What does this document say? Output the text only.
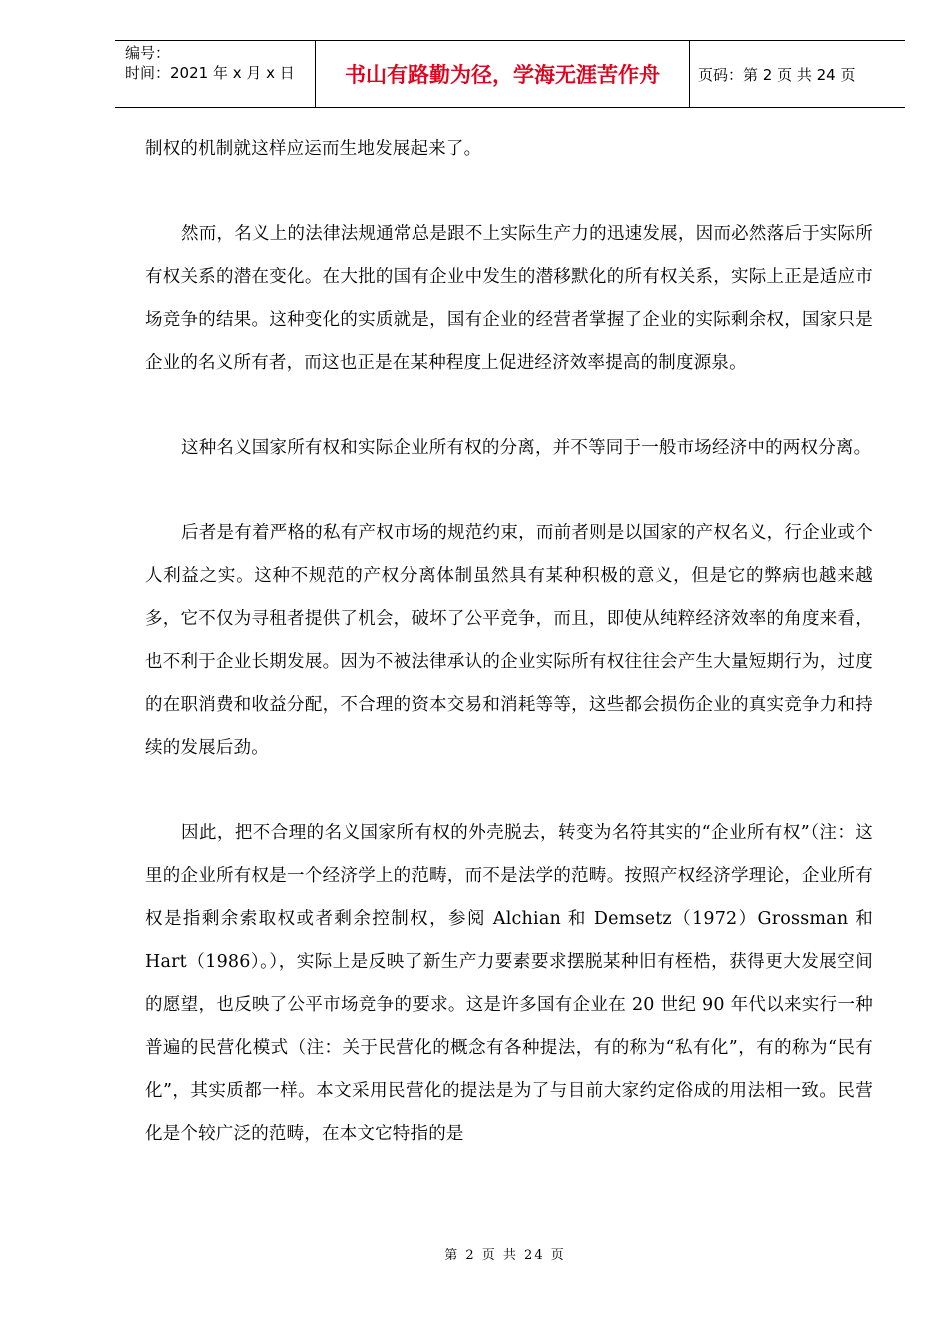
编号：
时间：2021 年 x 月 x 日	书山有路勤为径，学海无涯苦作舟	页码：第 2 页 共 24 页

制权的机制就这样应运而生地发展起来了。

然而，名义上的法律法规通常总是跟不上实际生产力的迅速发展，因而必然落后于实际所有权关系的潜在变化。在大批的国有企业中发生的潜移默化的所有权关系，实际上正是适应市场竞争的结果。这种变化的实质就是，国有企业的经营者掌握了企业的实际剩余权，国家只是企业的名义所有者，而这也正是在某种程度上促进经济效率提高的制度源泉。

这种名义国家所有权和实际企业所有权的分离，并不等同于一般市场经济中的两权分离。

后者是有着严格的私有产权市场的规范约束，而前者则是以国家的产权名义，行企业或个人利益之实。这种不规范的产权分离体制虽然具有某种积极的意义，但是它的弊病也越来越多，它不仅为寻租者提供了机会，破坏了公平竞争，而且，即使从纯粹经济效率的角度来看，也不利于企业长期发展。因为不被法律承认的企业实际所有权往往会产生大量短期行为，过度的在职消费和收益分配，不合理的资本交易和消耗等等，这些都会损伤企业的真实竞争力和持续的发展后劲。

因此，把不合理的名义国家所有权的外壳脱去，转变为名符其实的“企业所有权”（注：这里的企业所有权是一个经济学上的范畴，而不是法学的范畴。按照产权经济学理论，企业所有权是指剩余索取权或者剩余控制权，参阅 Alchian 和 Demsetz（1972）Grossman 和 Hart（1986）。），实际上是反映了新生产力要素要求摆脱某种旧有桎梏，获得更大发展空间的愿望，也反映了公平市场竞争的要求。这是许多国有企业在 20 世纪 90 年代以来实行一种普遍的民营化模式（注：关于民营化的概念有各种提法，有的称为“私有化”，有的称为“民有化”，其实质都一样。本文采用民营化的提法是为了与目前大家约定俗成的用法相一致。民营化是个较广泛的范畴，在本文它特指的是

第 2 页 共 24 页
